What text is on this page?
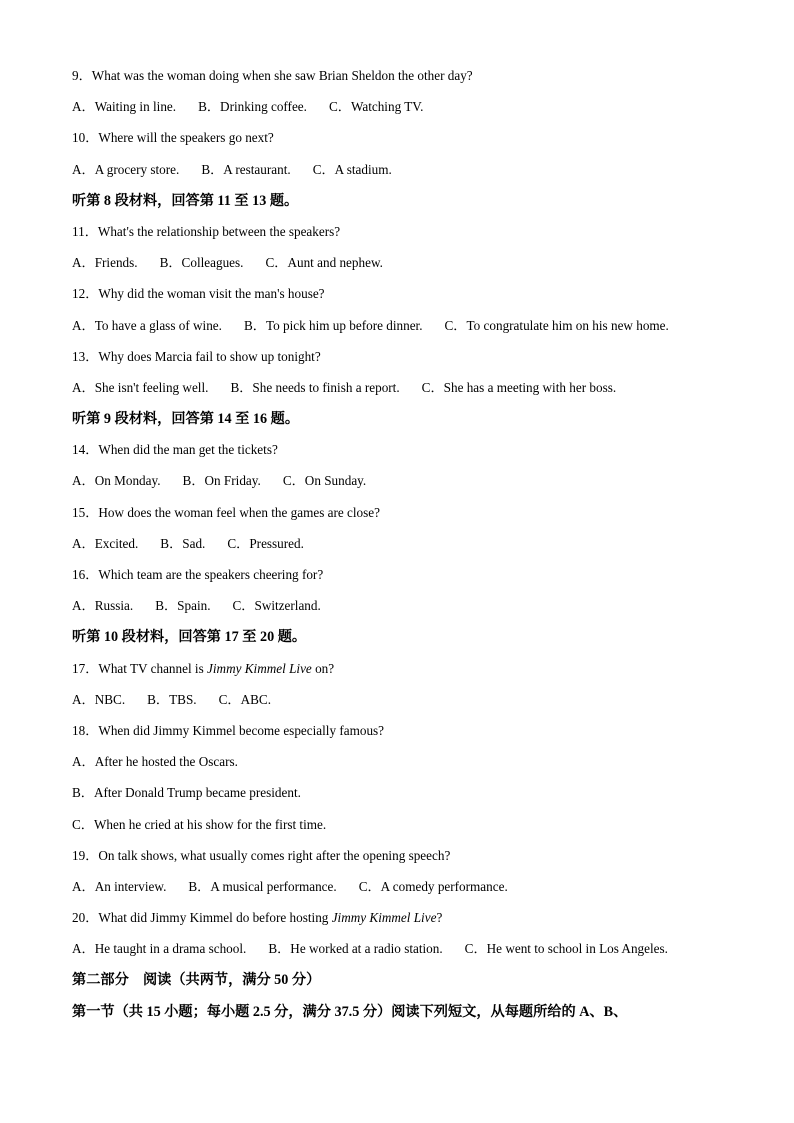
9．What was the woman doing when she saw Brian Sheldon the other day?
A．Waiting in line. B．Drinking coffee. C．Watching TV.
10．Where will the speakers go next?
A．A grocery store. B．A restaurant. C．A stadium.
听第 8 段材料，回答第 11 至 13 题。
11．What's the relationship between the speakers?
A．Friends. B．Colleagues. C．Aunt and nephew.
12．Why did the woman visit the man's house?
A．To have a glass of wine. B．To pick him up before dinner. C．To congratulate him on his new home.
13．Why does Marcia fail to show up tonight?
A．She isn't feeling well. B．She needs to finish a report. C．She has a meeting with her boss.
听第 9 段材料，回答第 14 至 16 题。
14．When did the man get the tickets?
A．On Monday. B．On Friday. C．On Sunday.
15．How does the woman feel when the games are close?
A．Excited. B．Sad. C．Pressured.
16．Which team are the speakers cheering for?
A．Russia. B．Spain. C．Switzerland.
听第 10 段材料，回答第 17 至 20 题。
17．What TV channel is Jimmy Kimmel Live on?
A．NBC. B．TBS. C．ABC.
18．When did Jimmy Kimmel become especially famous?
A．After he hosted the Oscars.
B．After Donald Trump became president.
C．When he cried at his show for the first time.
19．On talk shows, what usually comes right after the opening speech?
A．An interview. B．A musical performance. C．A comedy performance.
20．What did Jimmy Kimmel do before hosting Jimmy Kimmel Live?
A．He taught in a drama school. B．He worked at a radio station. C．He went to school in Los Angeles.
第二部分　阅读（共两节，满分 50 分）
第一节（共 15 小题；每小题 2.5 分，满分 37.5 分）阅读下列短文，从每题所给的 A、B、
